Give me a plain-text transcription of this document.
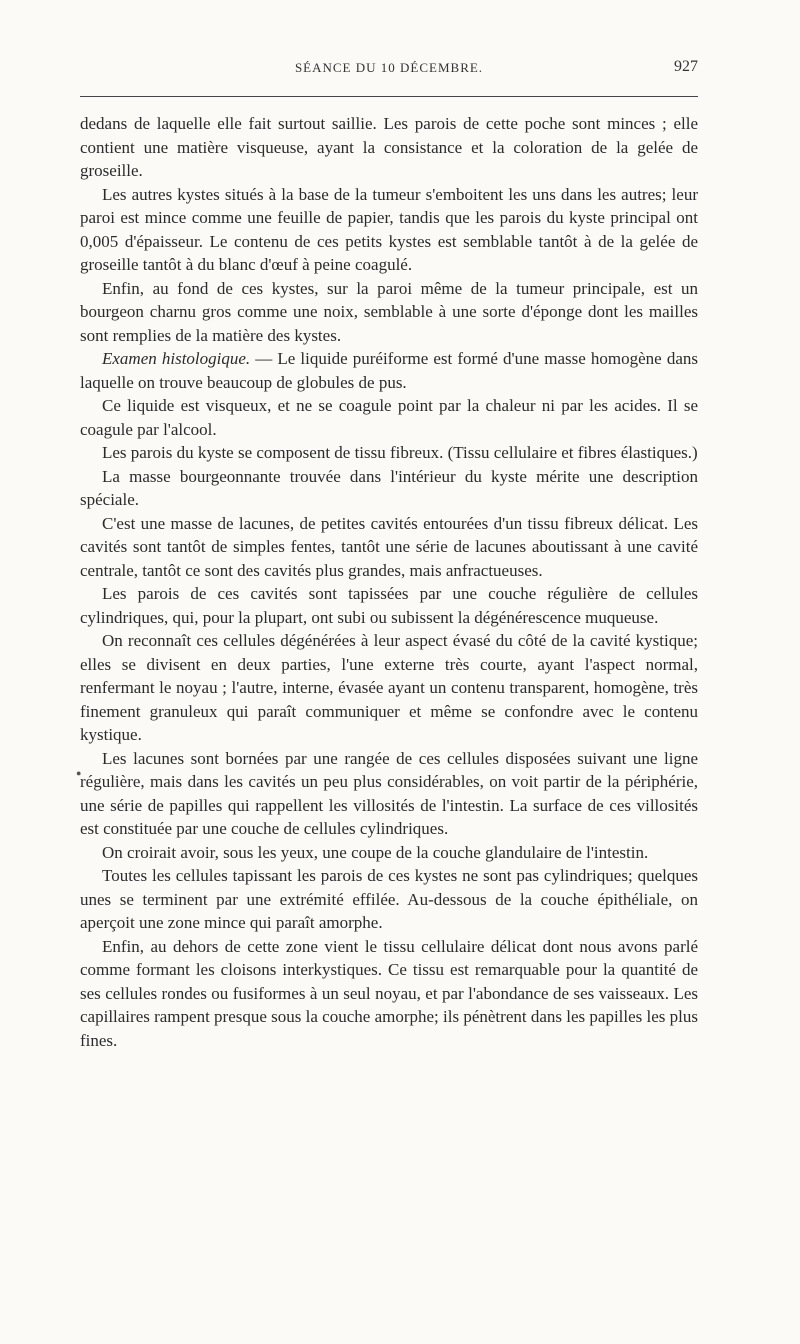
SÉANCE DU 10 DÉCEMBRE.	927
●

dedans de laquelle elle fait surtout saillie. Les parois de cette poche sont minces ; elle contient une matière visqueuse, ayant la consistance et la coloration de la gelée de groseille.

Les autres kystes situés à la base de la tumeur s'emboitent les uns dans les autres; leur paroi est mince comme une feuille de papier, tandis que les parois du kyste principal ont 0,005 d'épaisseur. Le contenu de ces petits kystes est semblable tantôt à de la gelée de groseille tantôt à du blanc d'œuf à peine coagulé.

Enfin, au fond de ces kystes, sur la paroi même de la tumeur principale, est un bourgeon charnu gros comme une noix, semblable à une sorte d'éponge dont les mailles sont remplies de la matière des kystes.

Examen histologique. — Le liquide puréiforme est formé d'une masse homogène dans laquelle on trouve beaucoup de globules de pus.

Ce liquide est visqueux, et ne se coagule point par la chaleur ni par les acides. Il se coagule par l'alcool.

Les parois du kyste se composent de tissu fibreux. (Tissu cellulaire et fibres élastiques.)

La masse bourgeonnante trouvée dans l'intérieur du kyste mérite une description spéciale.

C'est une masse de lacunes, de petites cavités entourées d'un tissu fibreux délicat. Les cavités sont tantôt de simples fentes, tantôt une série de lacunes aboutissant à une cavité centrale, tantôt ce sont des cavités plus grandes, mais anfractueuses.

Les parois de ces cavités sont tapissées par une couche régulière de cellules cylindriques, qui, pour la plupart, ont subi ou subissent la dégénérescence muqueuse.

On reconnaît ces cellules dégénérées à leur aspect évasé du côté de la cavité kystique; elles se divisent en deux parties, l'une externe très courte, ayant l'aspect normal, renfermant le noyau ; l'autre, interne, évasée ayant un contenu transparent, homogène, très finement granuleux qui paraît communiquer et même se confondre avec le contenu kystique.

Les lacunes sont bornées par une rangée de ces cellules disposées suivant une ligne régulière, mais dans les cavités un peu plus considérables, on voit partir de la périphérie, une série de papilles qui rappellent les villosités de l'intestin. La surface de ces villosités est constituée par une couche de cellules cylindriques.

On croirait avoir, sous les yeux, une coupe de la couche glandulaire de l'intestin.

Toutes les cellules tapissant les parois de ces kystes ne sont pas cylindriques; quelques unes se terminent par une extrémité effilée. Au-dessous de la couche épithéliale, on aperçoit une zone mince qui paraît amorphe.

Enfin, au dehors de cette zone vient le tissu cellulaire délicat dont nous avons parlé comme formant les cloisons interkystiques. Ce tissu est remarquable pour la quantité de ses cellules rondes ou fusiformes à un seul noyau, et par l'abondance de ses vaisseaux. Les capillaires rampent presque sous la couche amorphe; ils pénètrent dans les papilles les plus fines.
